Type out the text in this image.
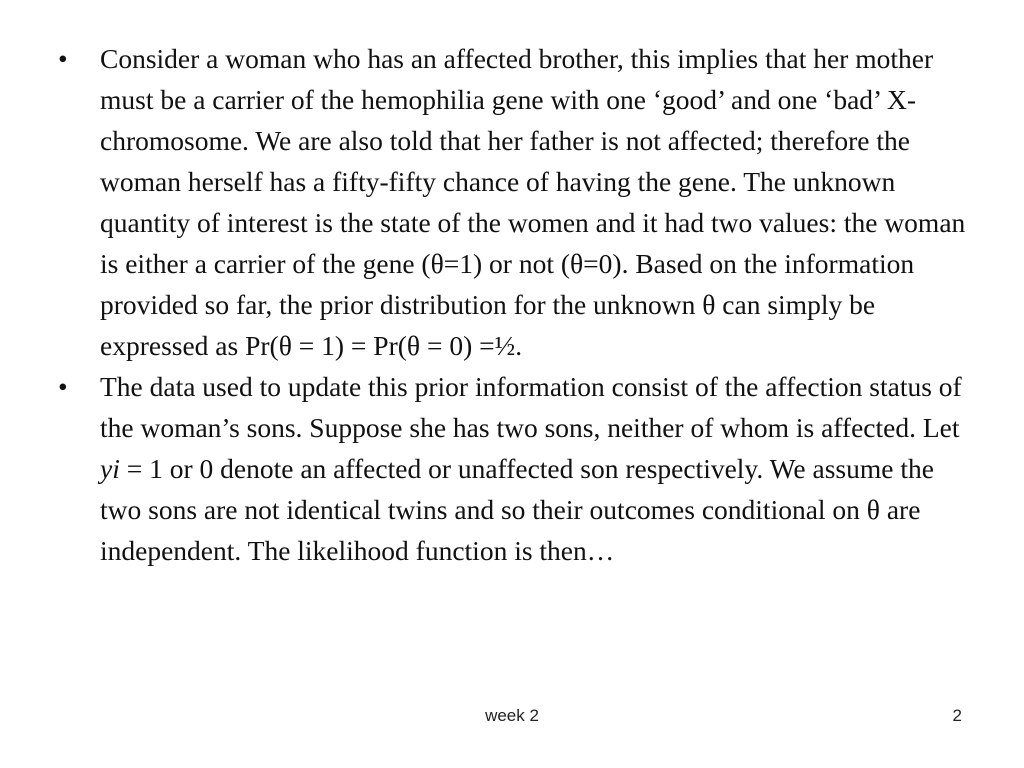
•	Consider a woman who has an affected brother, this implies that her mother must be a carrier of the hemophilia gene with one ‘good’ and one ‘bad’ X-chromosome. We are also told that her father is not affected; therefore the woman herself has a fifty-fifty chance of having the gene. The unknown quantity of interest is the state of the women and it had two values: the woman is either a carrier of the gene (θ=1) or not (θ=0). Based on the information provided so far, the prior distribution for the unknown θ can simply be expressed as Pr(θ = 1) = Pr(θ = 0) =½.

•	The data used to update this prior information consist of the affection status of the woman’s sons. Suppose she has two sons, neither of whom is affected. Let yi = 1 or 0 denote an affected or unaffected son respectively. We assume the two sons are not identical twins and so their outcomes conditional on θ are independent. The likelihood function is then…

week 2	2
